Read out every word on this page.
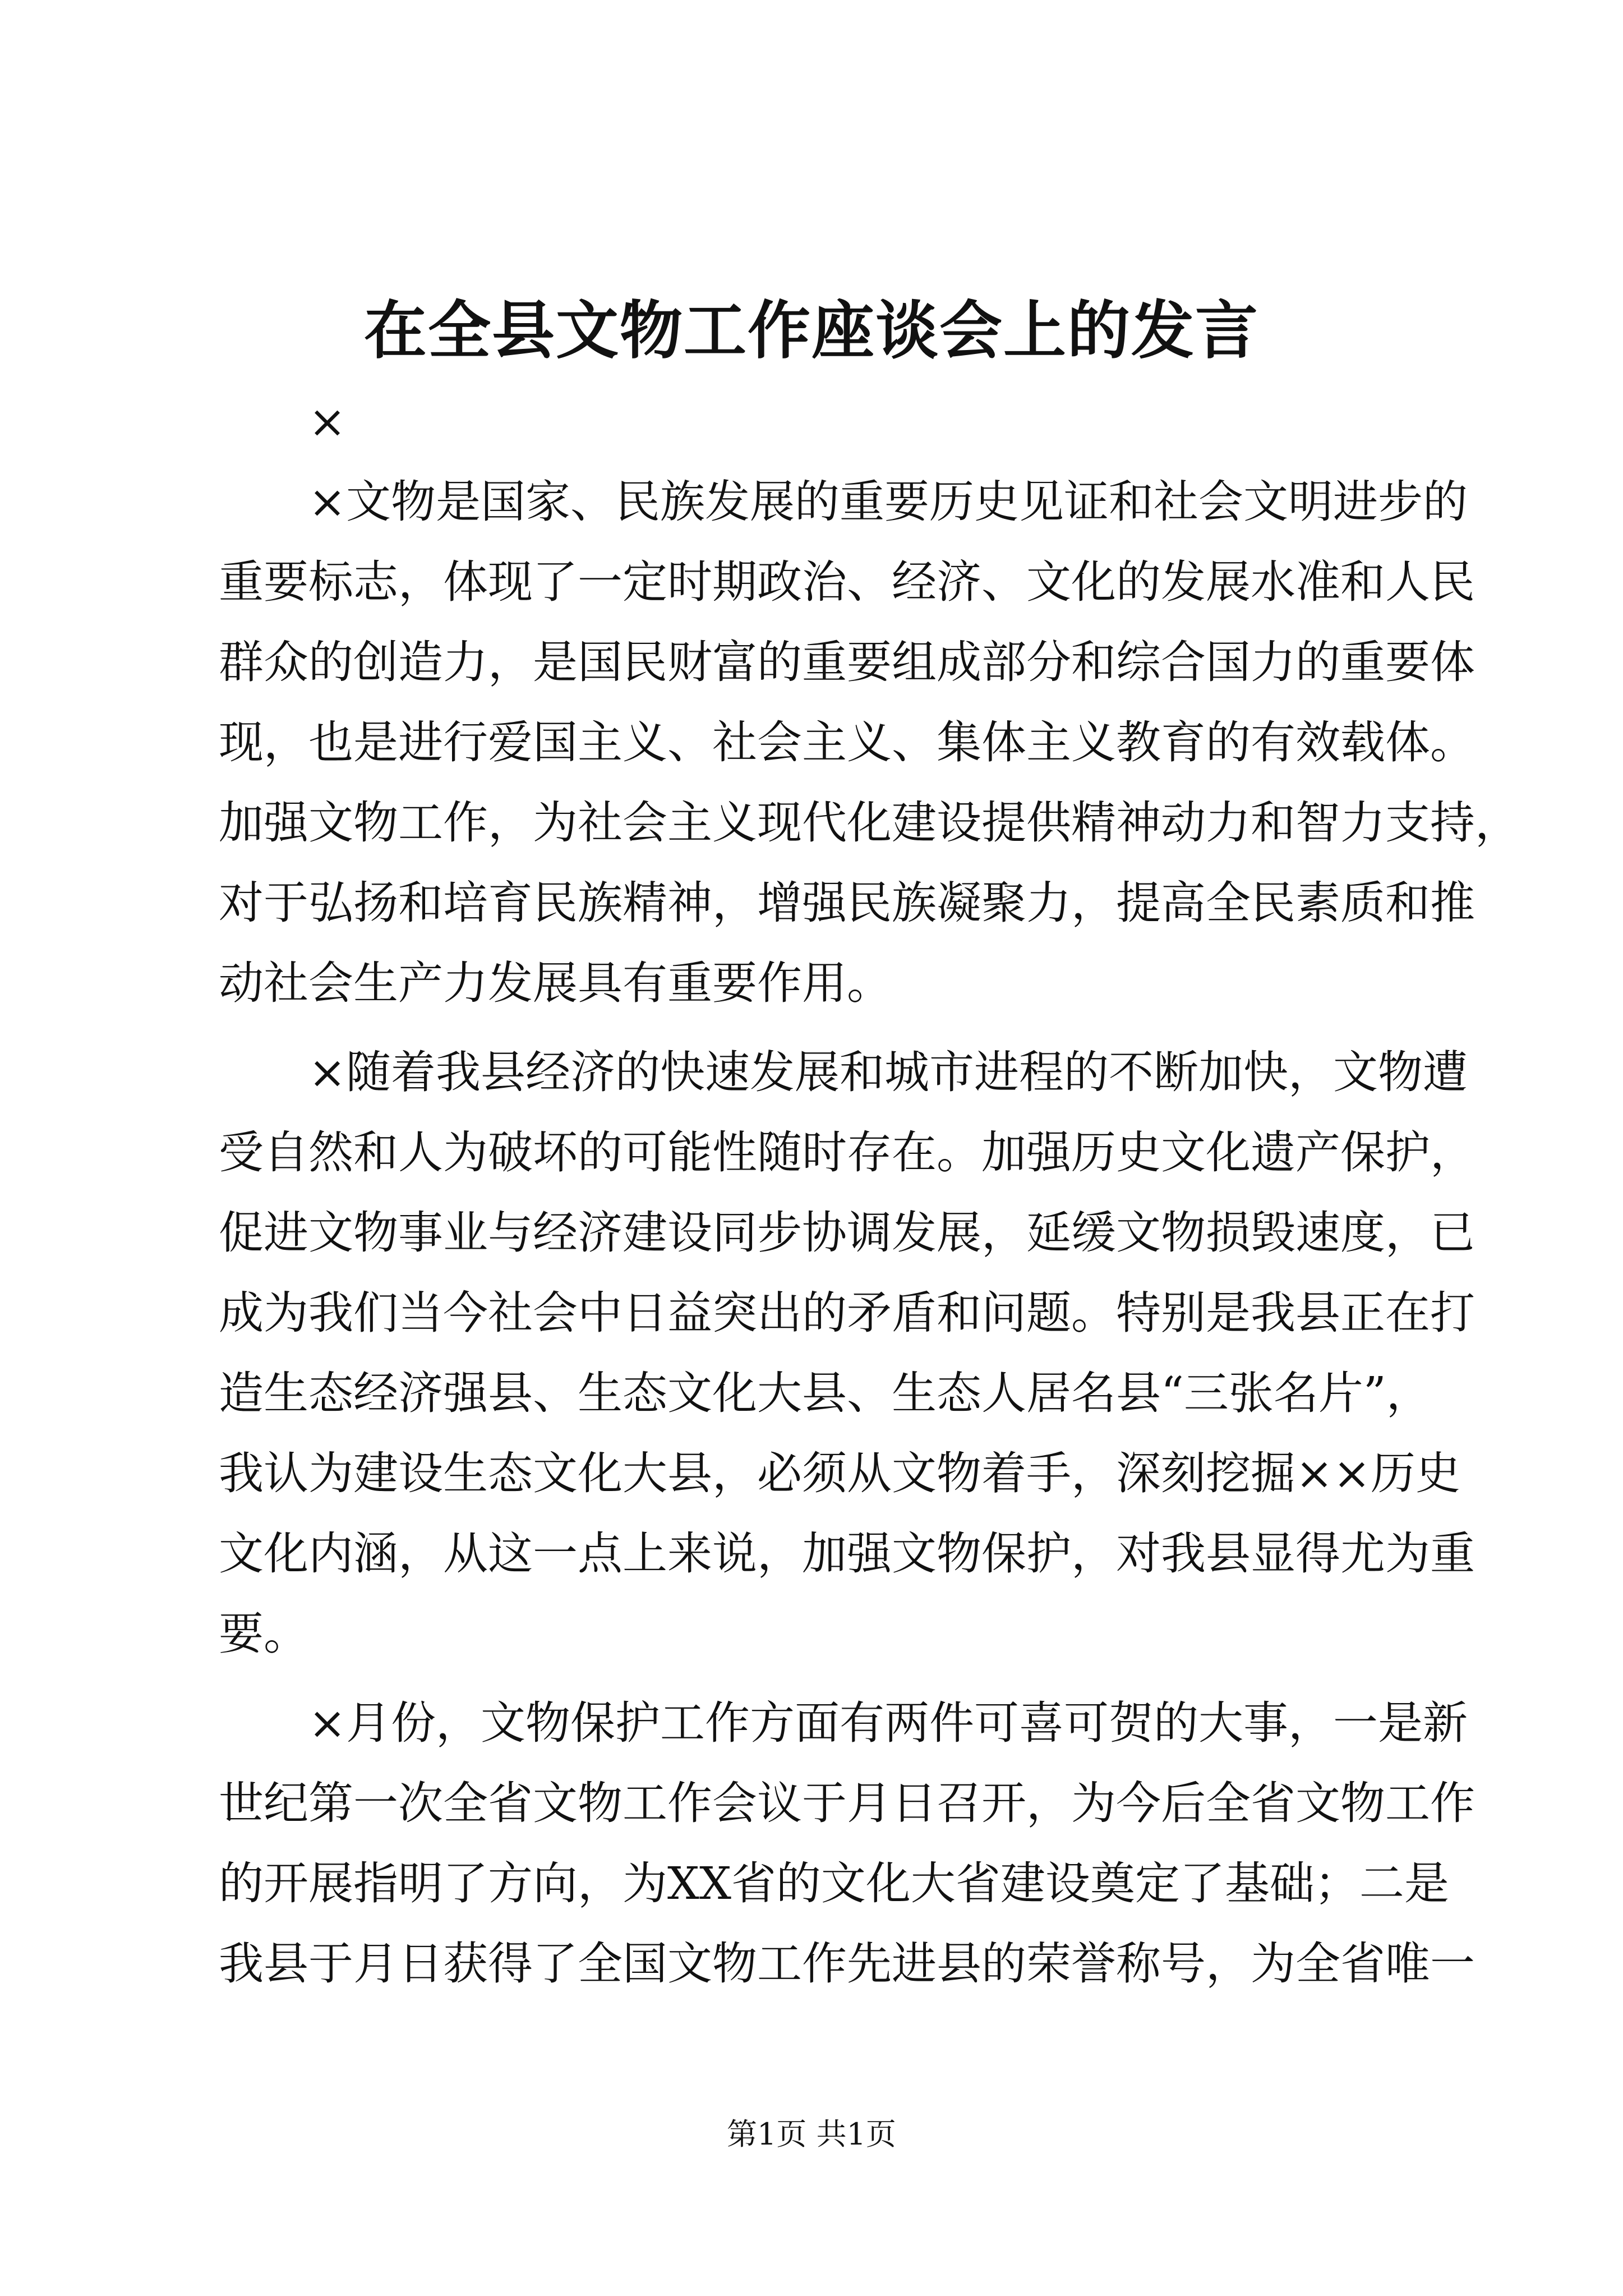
在全县文物工作座谈会上的发言
×
×文物是国家、民族发展的重要历史见证和社会文明进步的
重要标志，体现了一定时期政治、经济、文化的发展水准和人民
群众的创造力，是国民财富的重要组成部分和综合国力的重要体
现，也是进行爱国主义、社会主义、集体主义教育的有效载体。
加强文物工作，为社会主义现代化建设提供精神动力和智力支持，
对于弘扬和培育民族精神，增强民族凝聚力，提高全民素质和推
动社会生产力发展具有重要作用。
×随着我县经济的快速发展和城市进程的不断加快，文物遭
受自然和人为破坏的可能性随时存在。加强历史文化遗产保护，
促进文物事业与经济建设同步协调发展，延缓文物损毁速度，已
成为我们当今社会中日益突出的矛盾和问题。特别是我县正在打
造生态经济强县、生态文化大县、生态人居名县“三张名片”，
我认为建设生态文化大县，必须从文物着手，深刻挖掘××历史
文化内涵，从这一点上来说，加强文物保护，对我县显得尤为重
要。
×月份，文物保护工作方面有两件可喜可贺的大事，一是新
世纪第一次全省文物工作会议于月日召开，为今后全省文物工作
的开展指明了方向，为XX省的文化大省建设奠定了基础；二是
我县于月日获得了全国文物工作先进县的荣誉称号，为全省唯一
第1页 共1页
